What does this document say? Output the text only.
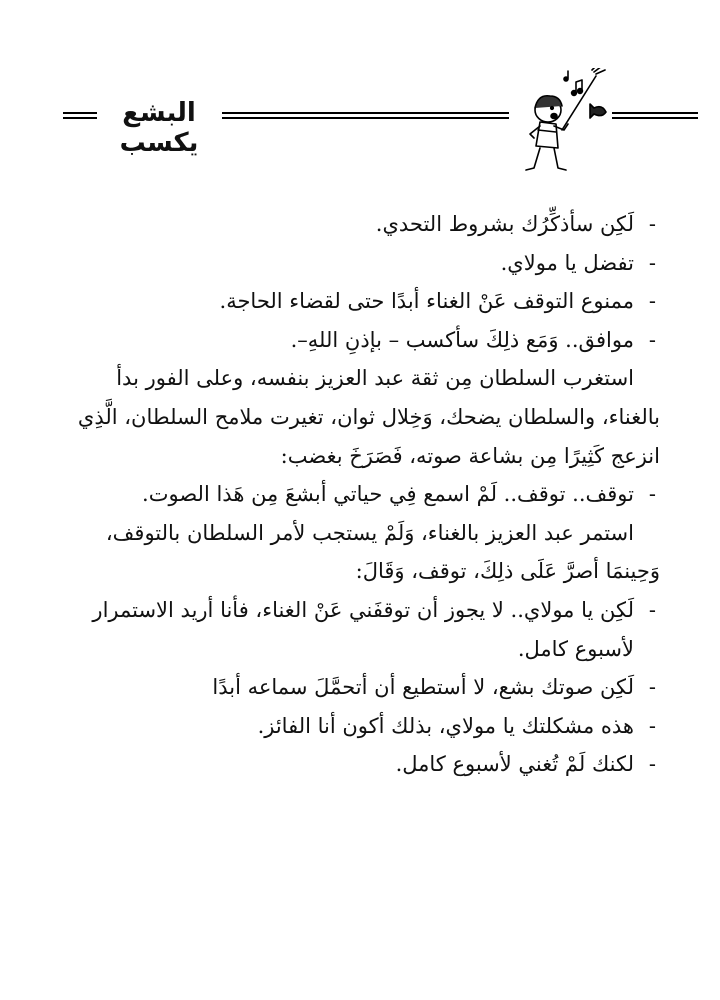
البشع يكسب
- لَكِن سأذكِّرُك بشروط التحدي.
- تفضل يا مولاي.
- ممنوع التوقف عَنْ الغناء أبدًا حتى لقضاء الحاجة.
- موافق.. وَمَع ذلِكَ سأكسب – بإذنِ اللهِ–.
استغرب السلطان مِن ثقة عبد العزيز بنفسه، وعلى الفور بدأ
بالغناء، والسلطان يضحك، وَخِلال ثوان، تغيرت ملامح السلطان، الَّذِي
انزعج كَثِيرًا مِن بشاعة صوته، فَصَرَخَ بغضب:
- توقف.. توقف.. لَمْ اسمع فِي حياتي أبشعَ مِن هَذا الصوت.
استمر عبد العزيز بالغناء، وَلَمْ يستجب لأمر السلطان بالتوقف،
وَحِينمَا أصرَّ عَلَى ذلِكَ، توقف، وَقَالَ:
- لَكِن يا مولاي.. لا يجوز أن توقفَني عَنْ الغناء، فأنا أريد الاستمرار
لأسبوع كامل.
- لَكِن صوتك بشع، لا أستطيع أن أتحمَّلَ سماعه أبدًا
- هذه مشكلتك يا مولاي، بذلك أكون أنا الفائز.
- لكنك لَمْ تُغني لأسبوع كامل.
